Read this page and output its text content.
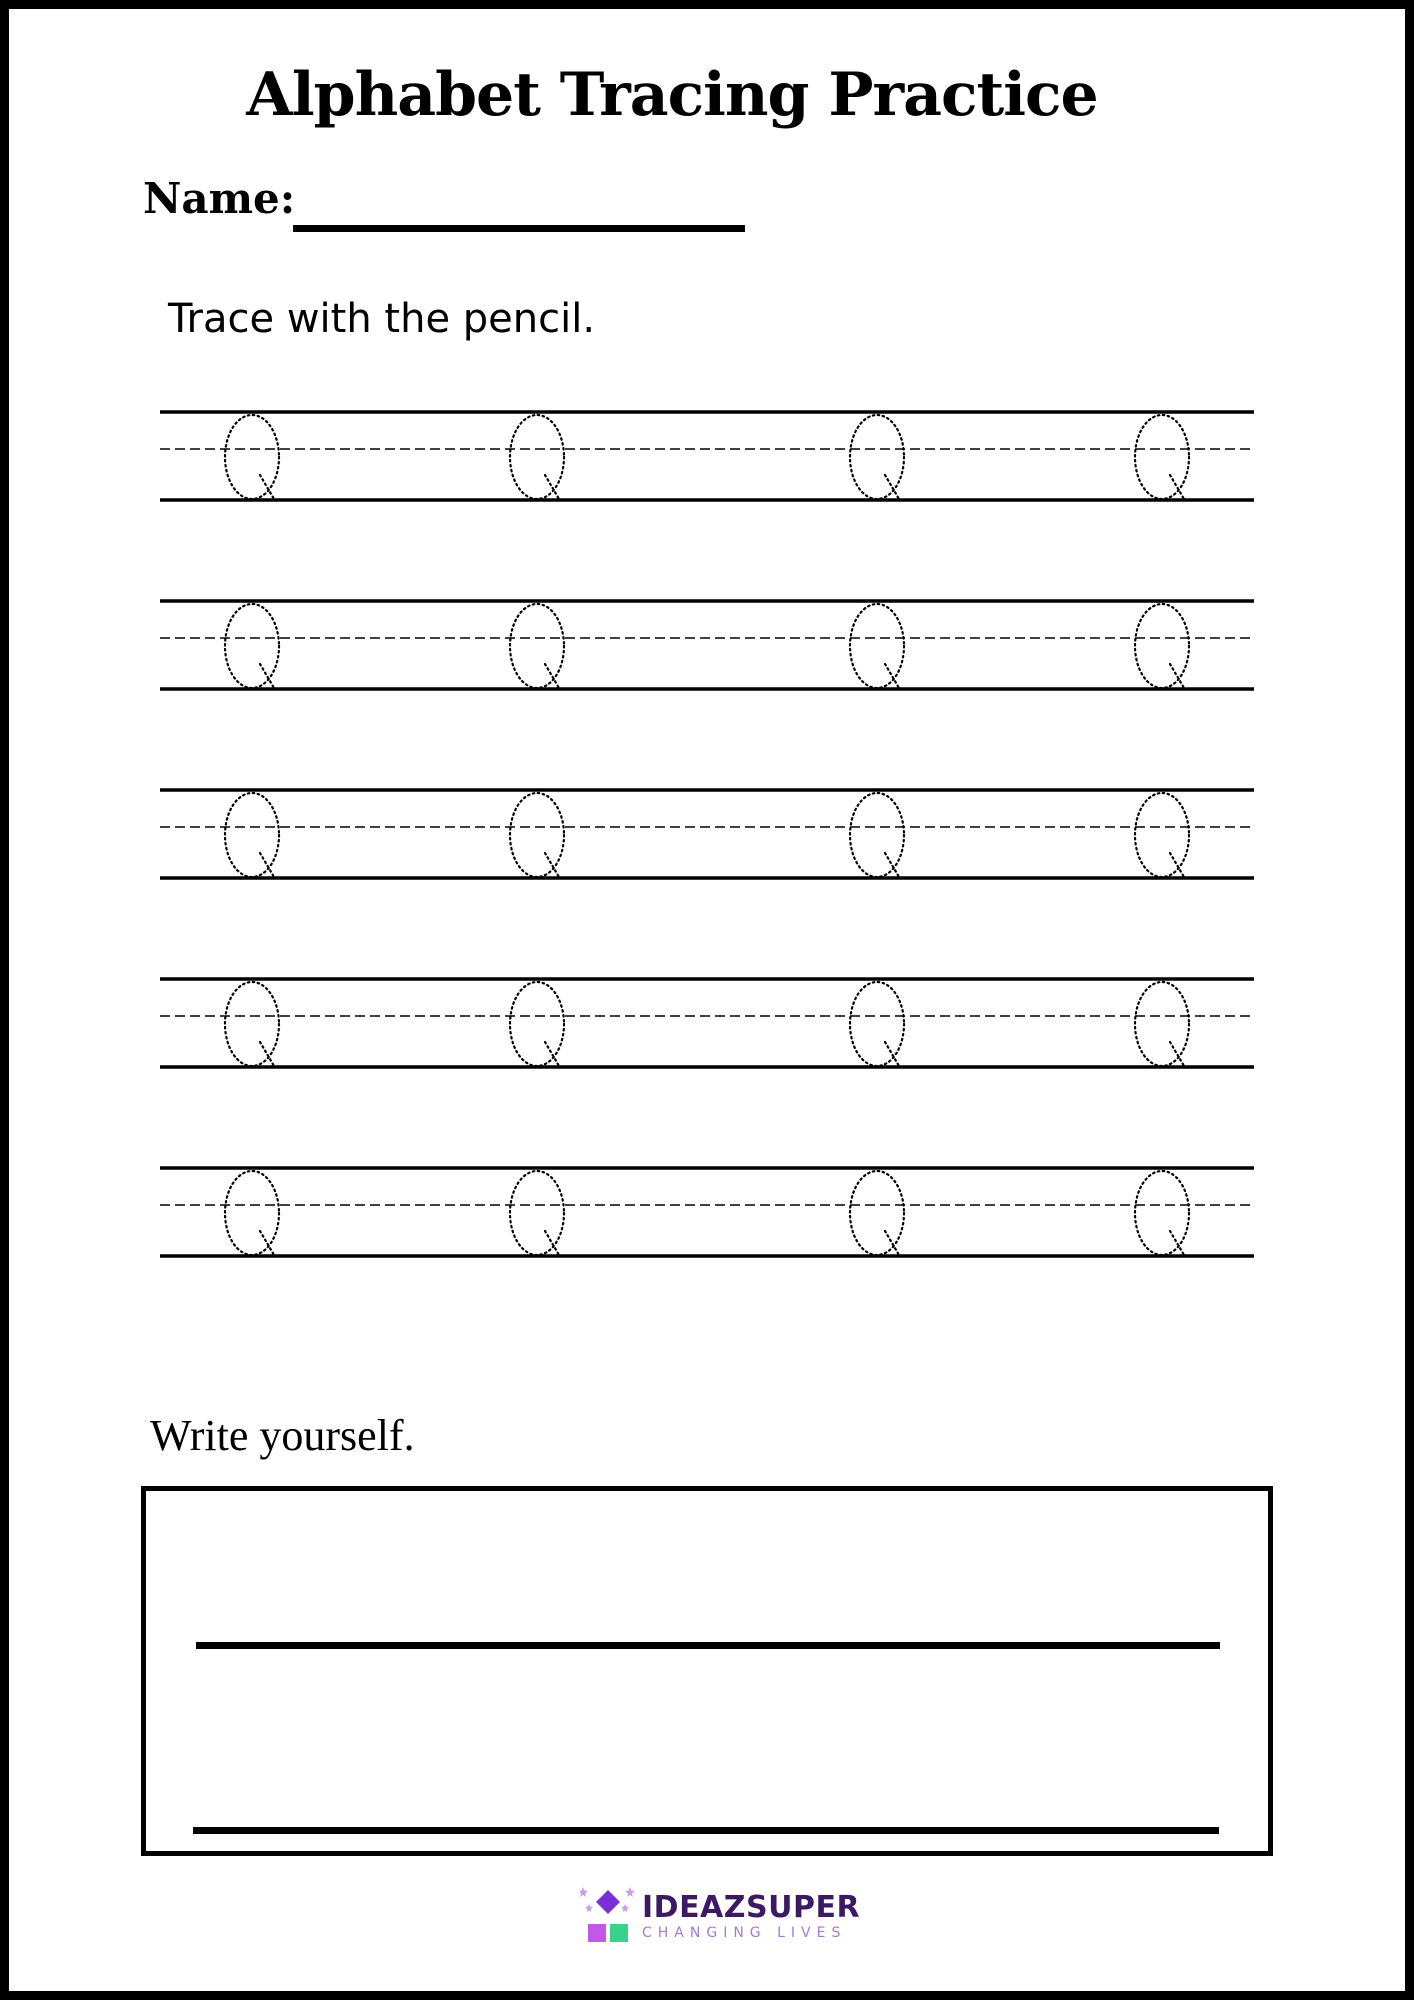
Alphabet Tracing Practice
Name:
Trace with the pencil.
Write yourself.
IDEAZSUPER
CHANGING LIVES
